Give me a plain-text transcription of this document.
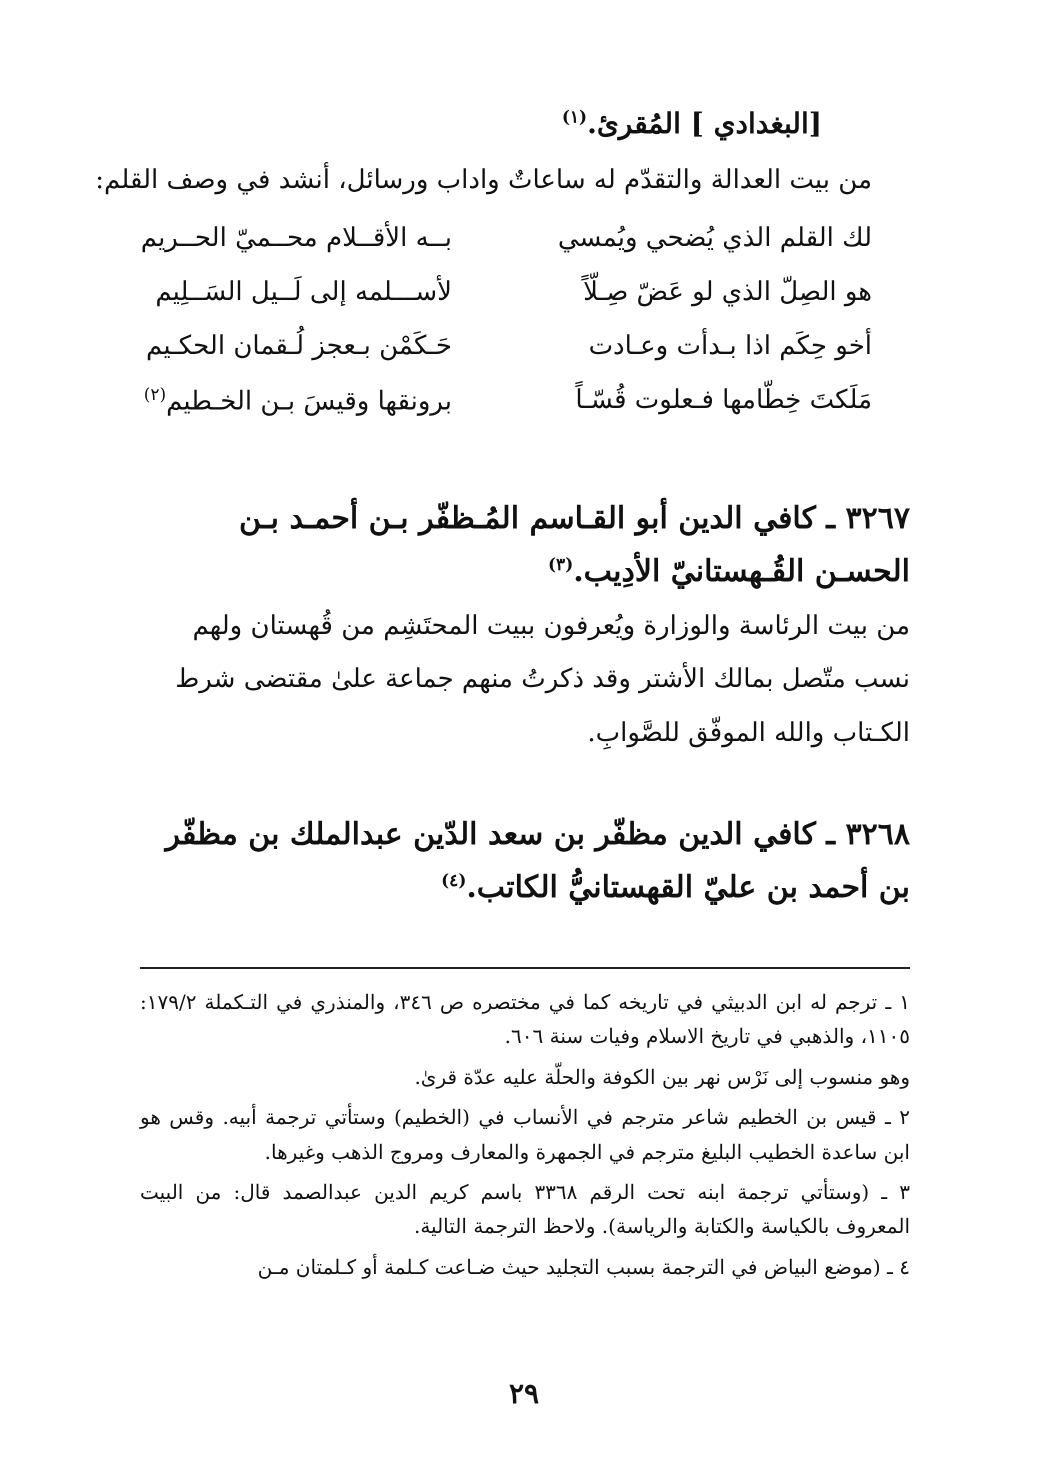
[البغدادي ] المُقرئ.$^{(١)}$
من بيت العدالة والتقدّم له ساعاتٌ واداب ورسائل، أنشد في وصف القلم:
لك القلم الذي يُضحي ويُمسي
بــه الأقــلام محــميّ الحــريم
هو الصِلّ الذي لو عَضّ صِـلّاً
لأســـلمه إلى لَــيل السَــلِيم
أخو حِكَم اذا بـدأت وعـادت
حَـكَمْن بـعجز لُـقمان الحكـيم
مَلَكتَ خِطّامها فـعلوت قُسّـاً
برونقها وقيسَ بـن الخـطيم$^{(٢)}$
٣٢٦٧ ـ كافي الدين أبو القـاسم المُـظفّر بـن أحمـد بـن الحسـن القُـهستانيّ الأدِيب.$^{(٣)}$
من بيت الرئاسة والوزارة ويُعرفون ببيت المحتَشِم من قُهستان ولهم نسب متّصل بمالك الأشتر وقد ذكرتُ منهم جماعة علىٰ مقتضى شرط الكـتاب والله الموفّق للصَّوابِ.
٣٢٦٨ ـ كافي الدين مظفّر بن سعد الدّين عبدالملك بن مظفّر بن أحمد بن عليّ القهستانيُّ الكاتب.$^{(٤)}$

١ ـ ترجم له ابن الدبيثي في تاريخه كما في مختصره ص ٣٤٦، والمنذري في التـكملة ١٧٩/٢: ١١٠٥، والذهبي في تاريخ الاسلام وفيات سنة ٦٠٦.

وهو منسوب إلى نَرْس نهر بين الكوفة والحلّة عليه عدّة قرىٰ.

٢ ـ قيس بن الخطيم شاعر مترجم في الأنساب في (الخطيم) وستأتي ترجمة أبيه. وقس هو ابن ساعدة الخطيب البليغ مترجم في الجمهرة والمعارف ومروج الذهب وغيرها.

٣ ـ (وستأتي ترجمة ابنه تحت الرقم ٣٣٦٨ باسم كريم الدين عبدالصمد قال: من البيت المعروف بالكياسة والكتابة والرياسة). ولاحظ الترجمة التالية.

٤ ـ (موضع البياض في الترجمة بسبب التجليد حيث ضـاعت كـلمة أو كـلمتان مـن

٢٩
